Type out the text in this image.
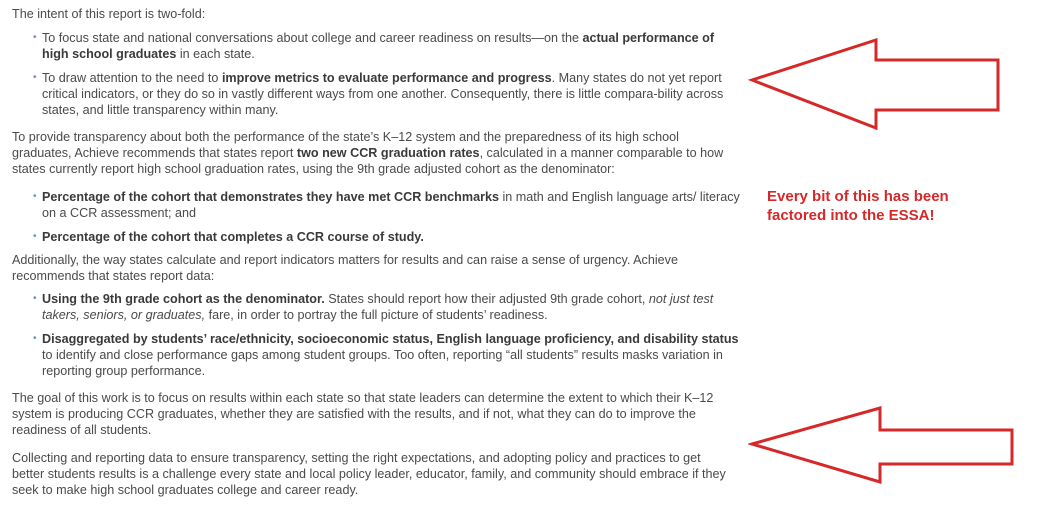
The intent of this report is two-fold:

• To focus state and national conversations about college and career readiness on results—on the actual performance of high school graduates in each state.

• To draw attention to the need to improve metrics to evaluate performance and progress. Many states do not yet report critical indicators, or they do so in vastly different ways from one another. Consequently, there is little compara-bility across states, and little transparency within many.

To provide transparency about both the performance of the state’s K–12 system and the preparedness of its high school graduates, Achieve recommends that states report two new CCR graduation rates, calculated in a manner comparable to how states currently report high school graduation rates, using the 9th grade adjusted cohort as the denominator:

• Percentage of the cohort that demonstrates they have met CCR benchmarks in math and English language arts/ literacy on a CCR assessment; and

• Percentage of the cohort that completes a CCR course of study.

Additionally, the way states calculate and report indicators matters for results and can raise a sense of urgency. Achieve recommends that states report data:

• Using the 9th grade cohort as the denominator. States should report how their adjusted 9th grade cohort, not just test takers, seniors, or graduates, fare, in order to portray the full picture of students’ readiness.

• Disaggregated by students’ race/ethnicity, socioeconomic status, English language proficiency, and disability status to identify and close performance gaps among student groups. Too often, reporting “all students” results masks variation in reporting group performance.

The goal of this work is to focus on results within each state so that state leaders can determine the extent to which their K–12 system is producing CCR graduates, whether they are satisfied with the results, and if not, what they can do to improve the readiness of all students.

Collecting and reporting data to ensure transparency, setting the right expectations, and adopting policy and practices to get better students results is a challenge every state and local policy leader, educator, family, and community should embrace if they seek to make high school graduates college and career ready.

Every bit of this has been factored into the ESSA!
